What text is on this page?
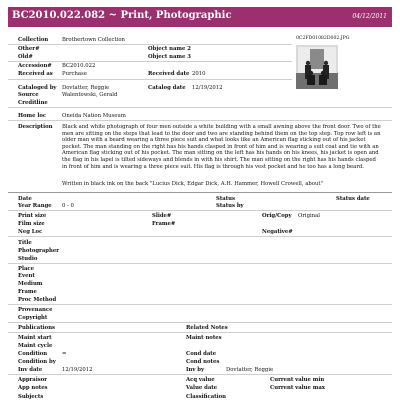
BC2010.022.082 ~ Print, Photographic	04/12/2011
0C2FD01082D002.JPG
Collection	Brothertown Collection
Other#
Old#
Accession# BC2010.022
Received as Purchase
Cataloged by Dovtatter, Reggie
Source	Walentowski, Gerald
Creditline
Home loc	Oneida Nation Museum
Object name 2
Object name 3
Received date 2010
Catalog date 12/19/2012
Description Black and white photograph of four men outside a white building with a small awning above the front door. Two of the men are sitting on the steps that lead to the door and two are standing behind them on the top step. Top row left is an older man with a beard wearing a three piece suit and what looks like an American flag sticking out of his jacket pocket. The man standing on the right has his hands clasped in front of him and is wearing a suit coat and tie with an American flag sticking out of his pocket. The man sitting on the left has his hands on his knees, his jacket is open and the flag in his lapel is tilted sideways and blends in with his shirt. The man sitting on the right has his hands clasped in front of him and is wearing a three piece suit. His flag is through his vest pocket and he too has a long beard.
Written in black ink on the back "Lucius Dick, Edgar Dick, A.H. Hammer, Howell Crowell, about"
Date	Status	Status date
Year Range 0 - 0	Status by
Print size	Slide#	Orig/Copy Original
Film size	Frame#
Neg Loc	Negative#
Title
Photographer
Studio
Place
Event
Medium
Frame
Proc Method
Provenance
Copyright
Publications	Related Notes
Maint start	Maint notes
Maint cycle
Condition	=	Cond date
Condition by	Cond notes
Inv date	12/19/2012	Inv by	Dovtatter, Reggie
Appraisor	Acq value	Current value min
App notes	Value date	Current value max
Subjects	Classification
